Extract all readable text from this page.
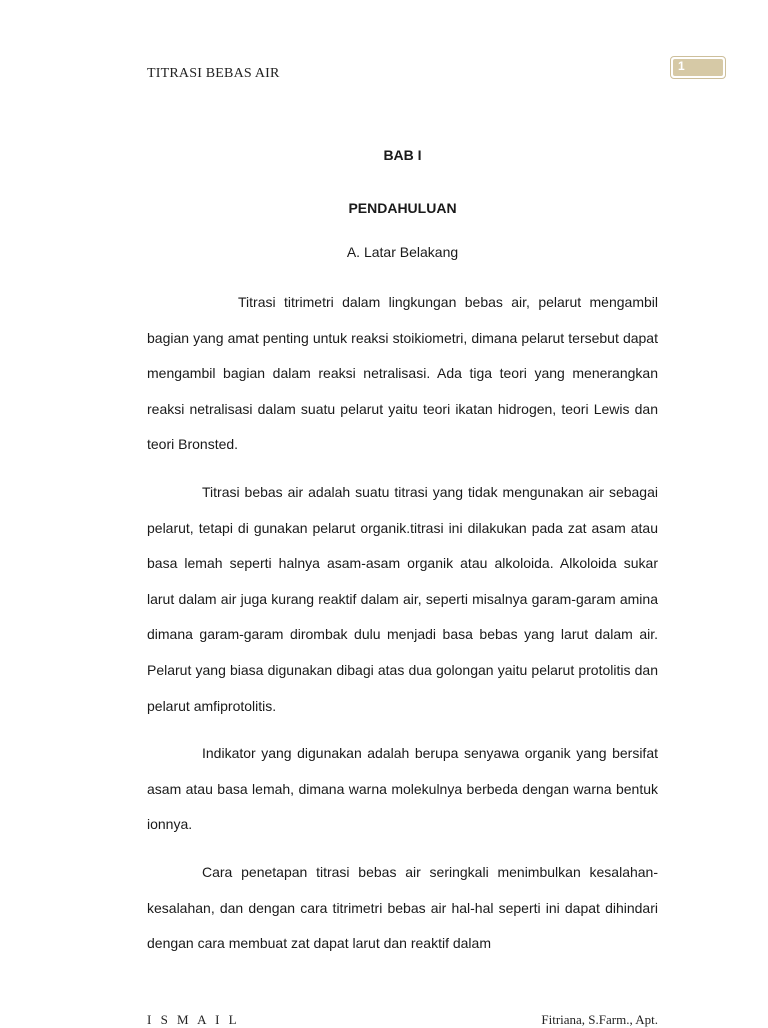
TITRASI BEBAS AIR	1
BAB I
PENDAHULUAN
A. Latar Belakang

Titrasi titrimetri dalam lingkungan bebas air, pelarut mengambil bagian yang amat penting untuk reaksi stoikiometri, dimana pelarut tersebut dapat mengambil bagian dalam reaksi netralisasi. Ada tiga teori yang menerangkan reaksi netralisasi dalam suatu pelarut yaitu teori ikatan hidrogen, teori Lewis dan teori Bronsted.

Titrasi bebas air adalah suatu titrasi yang tidak mengunakan air sebagai pelarut, tetapi di gunakan pelarut organik.titrasi ini dilakukan pada zat asam atau basa lemah seperti halnya asam-asam organik atau alkoloida. Alkoloida sukar larut dalam air juga kurang reaktif dalam air, seperti misalnya garam-garam amina dimana garam-garam dirombak dulu menjadi basa bebas yang larut dalam air. Pelarut yang biasa digunakan dibagi atas dua golongan yaitu pelarut protolitis dan pelarut amfiprotolitis.

Indikator yang digunakan adalah berupa senyawa organik yang bersifat asam atau basa lemah, dimana warna molekulnya berbeda dengan warna bentuk ionnya.

Cara penetapan titrasi bebas air seringkali menimbulkan kesalahan-kesalahan, dan dengan cara titrimetri bebas air hal-hal seperti ini dapat dihindari dengan cara membuat zat dapat larut dan reaktif dalam

I S M A I L	Fitriana, S.Farm., Apt.
